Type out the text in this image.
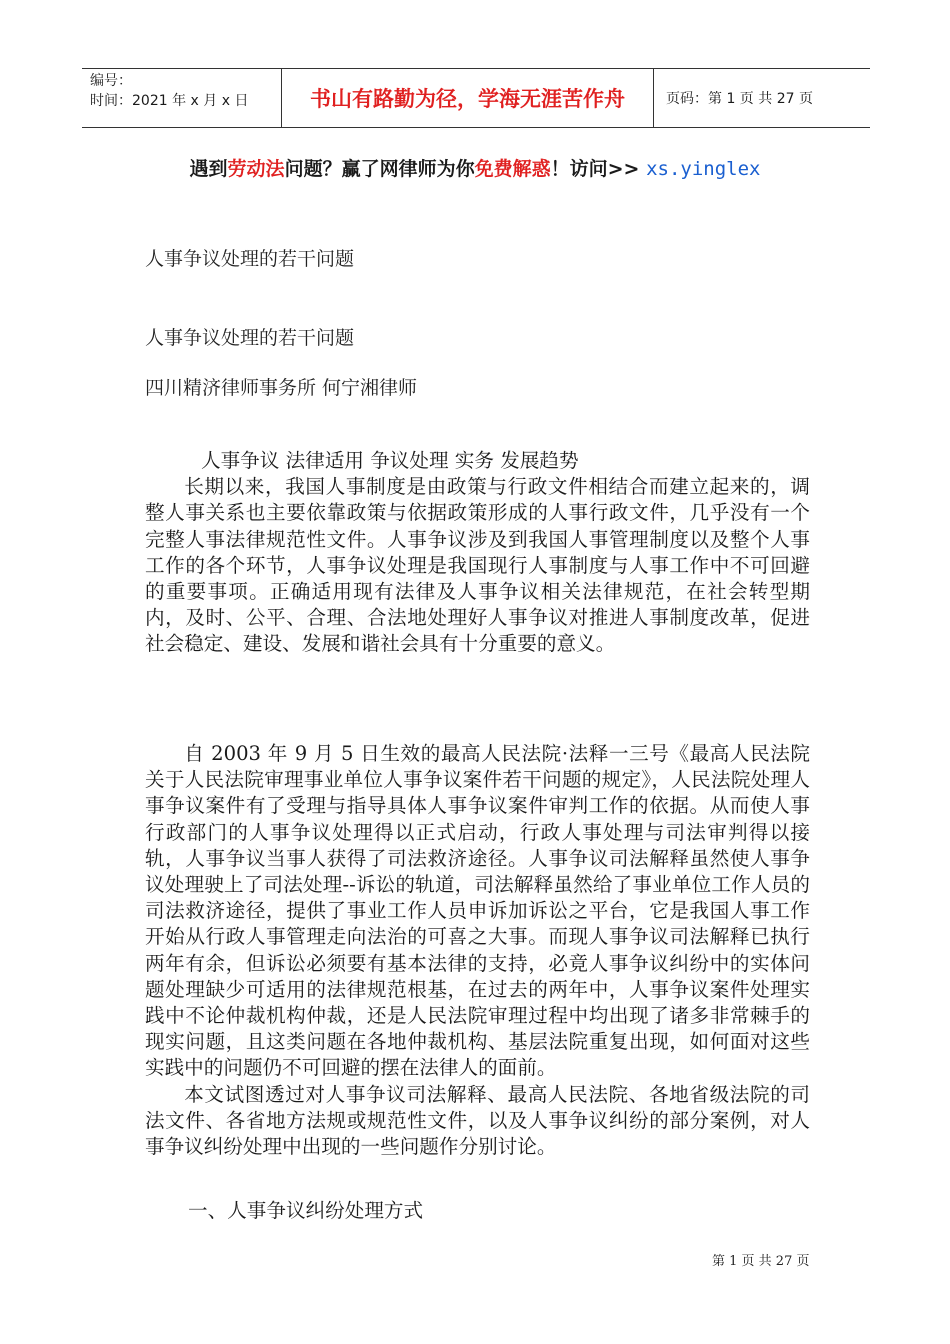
编号：
时间：2021 年 x 月 x 日	书山有路勤为径，学海无涯苦作舟	页码：第 1 页 共 27 页
遇到劳动法问题？赢了网律师为你免费解惑！访问>> xs.yinglex
人事争议处理的若干问题
人事争议处理的若干问题
四川精济律师事务所 何宁湘律师
人事争议 法律适用 争议处理 实务 发展趋势

长期以来，我国人事制度是由政策与行政文件相结合而建立起来的，调整人事关系也主要依靠政策与依据政策形成的人事行政文件，几乎没有一个完整人事法律规范性文件。人事争议涉及到我国人事管理制度以及整个人事工作的各个环节，人事争议处理是我国现行人事制度与人事工作中不可回避的重要事项。正确适用现有法律及人事争议相关法律规范，在社会转型期内，及时、公平、合理、合法地处理好人事争议对推进人事制度改革，促进社会稳定、建设、发展和谐社会具有十分重要的意义。

自 2003 年 9 月 5 日生效的最高人民法院·法释一三号《最高人民法院关于人民法院审理事业单位人事争议案件若干问题的规定》，人民法院处理人事争议案件有了受理与指导具体人事争议案件审判工作的依据。从而使人事行政部门的人事争议处理得以正式启动，行政人事处理与司法审判得以接轨，人事争议当事人获得了司法救济途径。人事争议司法解释虽然使人事争议处理驶上了司法处理--诉讼的轨道，司法解释虽然给了事业单位工作人员的司法救济途径，提供了事业工作人员申诉加诉讼之平台，它是我国人事工作开始从行政人事管理走向法治的可喜之大事。而现人事争议司法解释已执行两年有余，但诉讼必须要有基本法律的支持，必竟人事争议纠纷中的实体问题处理缺少可适用的法律规范根基，在过去的两年中，人事争议案件处理实践中不论仲裁机构仲裁，还是人民法院审理过程中均出现了诸多非常棘手的现实问题，且这类问题在各地仲裁机构、基层法院重复出现，如何面对这些实践中的问题仍不可回避的摆在法律人的面前。

本文试图透过对人事争议司法解释、最高人民法院、各地省级法院的司法文件、各省地方法规或规范性文件，以及人事争议纠纷的部分案例，对人事争议纠纷处理中出现的一些问题作分别讨论。

一、人事争议纠纷处理方式
第 1 页 共 27 页
